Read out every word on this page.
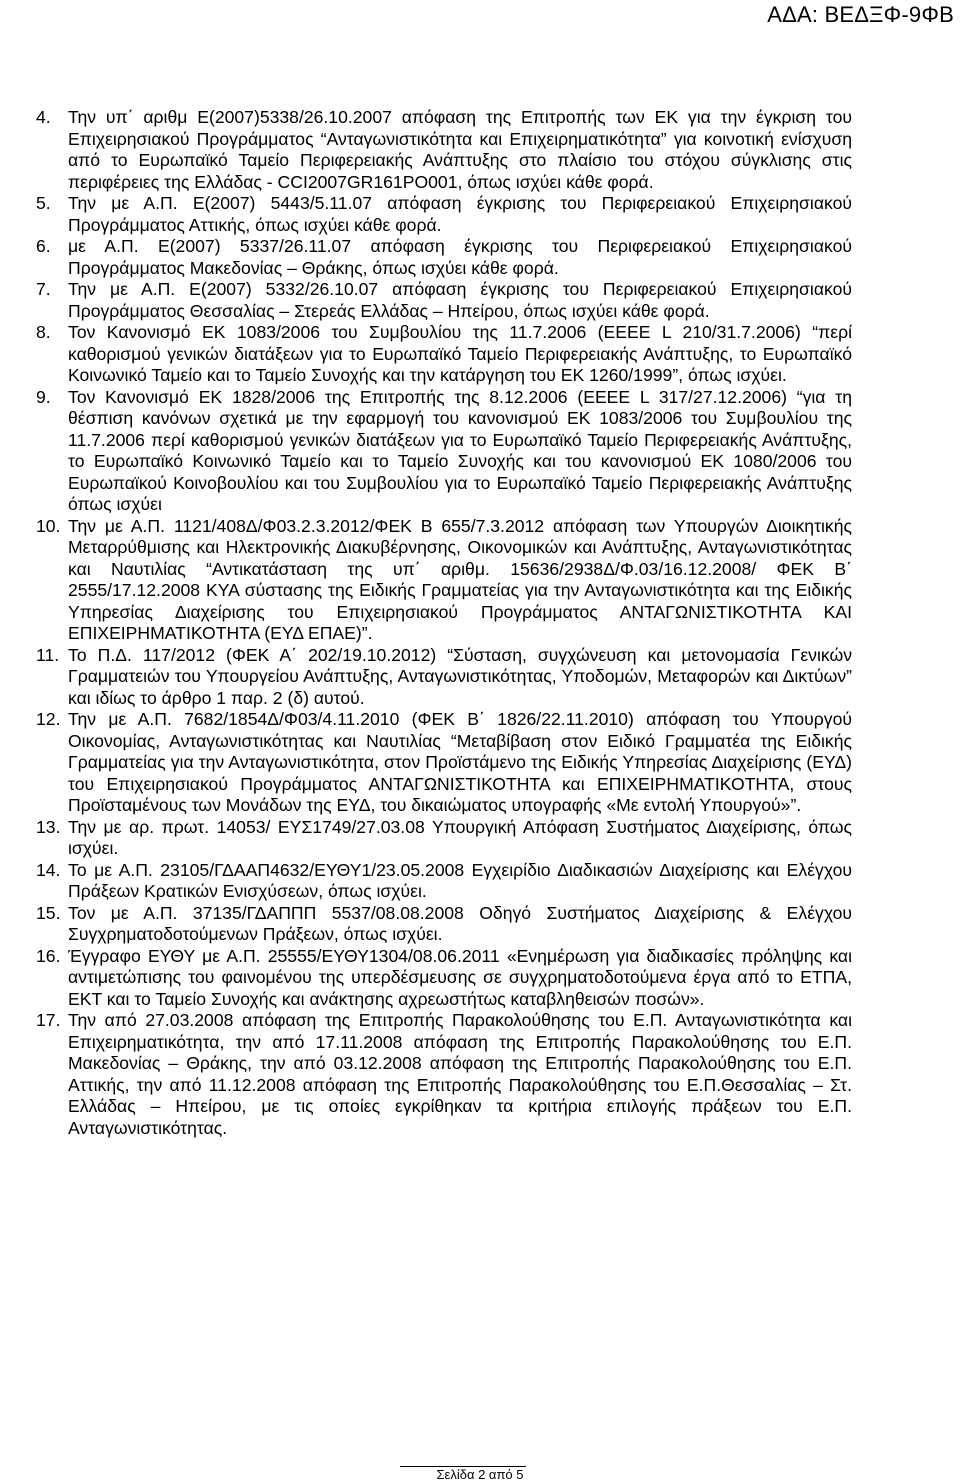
ΑΔΑ: ΒΕΔΞΦ-9ΦΒ
4. Την υπ΄ αριθμ Ε(2007)5338/26.10.2007 απόφαση της Επιτροπής των ΕΚ για την έγκριση του Επιχειρησιακού Προγράμματος “Ανταγωνιστικότητα και Επιχειρηματικότητα” για κοινοτική ενίσχυση από το Ευρωπαϊκό Ταμείο Περιφερειακής Ανάπτυξης στο πλαίσιο του στόχου σύγκλισης στις περιφέρειες της Ελλάδας - CCI2007GR161PO001, όπως ισχύει κάθε φορά.
5. Την με Α.Π. Ε(2007) 5443/5.11.07 απόφαση έγκρισης του Περιφερειακού Επιχειρησιακού Προγράμματος Αττικής, όπως ισχύει κάθε φορά.
6. με Α.Π. Ε(2007) 5337/26.11.07 απόφαση έγκρισης του Περιφερειακού Επιχειρησιακού Προγράμματος Μακεδονίας – Θράκης, όπως ισχύει κάθε φορά.
7. Την με Α.Π. Ε(2007) 5332/26.10.07 απόφαση έγκρισης του Περιφερειακού Επιχειρησιακού Προγράμματος Θεσσαλίας – Στερεάς Ελλάδας – Ηπείρου, όπως ισχύει κάθε φορά.
8. Τον Κανονισμό ΕΚ 1083/2006 του Συμβουλίου της 11.7.2006 (ΕΕΕΕ L 210/31.7.2006) “περί καθορισμού γενικών διατάξεων για το Ευρωπαϊκό Ταμείο Περιφερειακής Ανάπτυξης, το Ευρωπαϊκό Κοινωνικό Ταμείο και το Ταμείο Συνοχής και την κατάργηση του ΕΚ 1260/1999”, όπως ισχύει.
9. Τον Κανονισμό ΕΚ 1828/2006 της Επιτροπής της 8.12.2006 (ΕΕΕΕ L 317/27.12.2006) “για τη θέσπιση κανόνων σχετικά με την εφαρμογή του κανονισμού ΕΚ 1083/2006 του Συμβουλίου της 11.7.2006 περί καθορισμού γενικών διατάξεων για το Ευρωπαϊκό Ταμείο Περιφερειακής Ανάπτυξης, το Ευρωπαϊκό Κοινωνικό Ταμείο και το Ταμείο Συνοχής και του κανονισμού ΕΚ 1080/2006 του Ευρωπαϊκού Κοινοβουλίου και του Συμβουλίου για το Ευρωπαϊκό Ταμείο Περιφερειακής Ανάπτυξης όπως ισχύει
10. Την με Α.Π. 1121/408Δ/Φ03.2.3.2012/ΦΕΚ Β 655/7.3.2012 απόφαση των Υπουργών Διοικητικής Μεταρρύθμισης και Ηλεκτρονικής Διακυβέρνησης, Οικονομικών και Ανάπτυξης, Ανταγωνιστικότητας και Ναυτιλίας “Αντικατάσταση της υπ΄ αριθμ. 15636/2938Δ/Φ.03/16.12.2008/ ΦΕΚ Β΄ 2555/17.12.2008 ΚΥΑ σύστασης της Ειδικής Γραμματείας για την Ανταγωνιστικότητα και της Ειδικής Υπηρεσίας Διαχείρισης του Επιχειρησιακού Προγράμματος ΑΝΤΑΓΩΝΙΣΤΙΚΟΤΗΤΑ ΚΑΙ ΕΠΙΧΕΙΡΗΜΑΤΙΚΟΤΗΤΑ (ΕΥΔ ΕΠΑΕ)”.
11. Το Π.Δ. 117/2012 (ΦΕΚ Α΄ 202/19.10.2012) “Σύσταση, συγχώνευση και μετονομασία Γενικών Γραμματειών του Υπουργείου Ανάπτυξης, Ανταγωνιστικότητας, Υποδομών, Μεταφορών και Δικτύων” και ιδίως το άρθρο 1 παρ. 2 (δ) αυτού.
12. Την με Α.Π. 7682/1854Δ/Φ03/4.11.2010 (ΦΕΚ Β΄ 1826/22.11.2010) απόφαση του Υπουργού Οικονομίας, Ανταγωνιστικότητας και Ναυτιλίας “Μεταβίβαση στον Ειδικό Γραμματέα της Ειδικής Γραμματείας για την Ανταγωνιστικότητα, στον Προϊστάμενο της Ειδικής Υπηρεσίας Διαχείρισης (ΕΥΔ) του Επιχειρησιακού Προγράμματος ΑΝΤΑΓΩΝΙΣΤΙΚΟΤΗΤΑ και ΕΠΙΧΕΙΡΗΜΑΤΙΚΟΤΗΤΑ, στους Προϊσταμένους των Μονάδων της ΕΥΔ, του δικαιώματος υπογραφής «Με εντολή Υπουργού»”.
13. Την με αρ. πρωτ. 14053/ ΕΥΣ1749/27.03.08 Υπουργική Απόφαση Συστήματος Διαχείρισης, όπως ισχύει.
14. Το με Α.Π. 23105/ΓΔΑΑΠ4632/ΕΥΘΥ1/23.05.2008 Εγχειρίδιο Διαδικασιών Διαχείρισης και Ελέγχου Πράξεων Κρατικών Ενισχύσεων, όπως ισχύει.
15. Τον με Α.Π. 37135/ΓΔΑΠΠΠ 5537/08.08.2008 Οδηγό Συστήματος Διαχείρισης & Ελέγχου Συγχρηματοδοτούμενων Πράξεων, όπως ισχύει.
16. Έγγραφο ΕΥΘΥ με Α.Π. 25555/ΕΥΘΥ1304/08.06.2011 «Ενημέρωση για διαδικασίες πρόληψης και αντιμετώπισης του φαινομένου της υπερδέσμευσης σε συγχρηματοδοτούμενα έργα από το ΕΤΠΑ, ΕΚΤ και το Ταμείο Συνοχής και ανάκτησης αχρεωστήτως καταβληθεισών ποσών».
17. Την από 27.03.2008 απόφαση της Επιτροπής Παρακολούθησης του Ε.Π. Ανταγωνιστικότητα και Επιχειρηματικότητα, την από 17.11.2008 απόφαση της Επιτροπής Παρακολούθησης του Ε.Π. Μακεδονίας – Θράκης, την από 03.12.2008 απόφαση της Επιτροπής Παρακολούθησης του Ε.Π. Αττικής, την από 11.12.2008 απόφαση της Επιτροπής Παρακολούθησης του Ε.Π.Θεσσαλίας – Στ. Ελλάδας – Ηπείρου, με τις οποίες εγκρίθηκαν τα κριτήρια επιλογής πράξεων του Ε.Π. Ανταγωνιστικότητας.
Σελίδα 2 από 5
